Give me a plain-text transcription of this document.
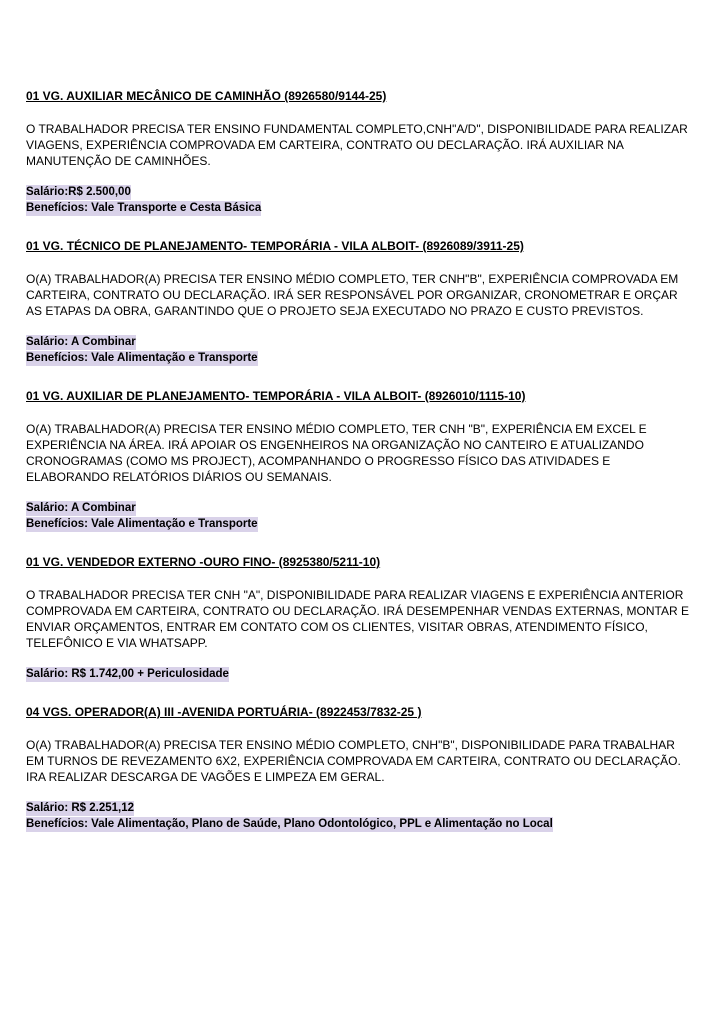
01 VG. AUXILIAR MECÂNICO DE CAMINHÃO (8926580/9144-25)
O TRABALHADOR PRECISA TER ENSINO FUNDAMENTAL COMPLETO,CNH"A/D", DISPONIBILIDADE PARA REALIZAR VIAGENS, EXPERIÊNCIA COMPROVADA EM CARTEIRA, CONTRATO OU DECLARAÇÃO. IRÁ AUXILIAR NA MANUTENÇÃO DE CAMINHÕES.
Salário:R$ 2.500,00
Benefícios: Vale Transporte e Cesta Básica
01 VG. TÉCNICO DE PLANEJAMENTO- TEMPORÁRIA - VILA ALBOIT- (8926089/3911-25)
O(A) TRABALHADOR(A) PRECISA TER ENSINO MÉDIO COMPLETO, TER CNH"B", EXPERIÊNCIA COMPROVADA EM CARTEIRA, CONTRATO OU DECLARAÇÃO. IRÁ SER RESPONSÁVEL POR ORGANIZAR, CRONOMETRAR E ORÇAR AS ETAPAS DA OBRA, GARANTINDO QUE O PROJETO SEJA EXECUTADO NO PRAZO E CUSTO PREVISTOS.
Salário: A Combinar
Benefícios: Vale Alimentação e Transporte
01 VG. AUXILIAR DE PLANEJAMENTO- TEMPORÁRIA - VILA ALBOIT- (8926010/1115-10)
O(A) TRABALHADOR(A) PRECISA TER ENSINO MÉDIO COMPLETO, TER CNH "B", EXPERIÊNCIA EM EXCEL E EXPERIÊNCIA NA ÁREA. IRÁ APOIAR OS ENGENHEIROS NA ORGANIZAÇÃO NO CANTEIRO E ATUALIZANDO CRONOGRAMAS (COMO MS PROJECT), ACOMPANHANDO O PROGRESSO FÍSICO DAS ATIVIDADES E ELABORANDO RELATÓRIOS DIÁRIOS OU SEMANAIS.
Salário: A Combinar
Benefícios: Vale Alimentação e Transporte
01 VG. VENDEDOR EXTERNO -OURO FINO- (8925380/5211-10)
O TRABALHADOR PRECISA TER CNH "A", DISPONIBILIDADE PARA REALIZAR VIAGENS E EXPERIÊNCIA ANTERIOR COMPROVADA EM CARTEIRA, CONTRATO OU DECLARAÇÃO. IRÁ DESEMPENHAR VENDAS EXTERNAS, MONTAR E ENVIAR ORÇAMENTOS, ENTRAR EM CONTATO COM OS CLIENTES, VISITAR OBRAS, ATENDIMENTO FÍSICO, TELEFÔNICO E VIA WHATSAPP.
Salário: R$ 1.742,00 + Periculosidade
04 VGS. OPERADOR(A) III -AVENIDA PORTUÁRIA- (8922453/7832-25 )
O(A) TRABALHADOR(A) PRECISA TER ENSINO MÉDIO COMPLETO, CNH"B", DISPONIBILIDADE PARA TRABALHAR EM TURNOS DE REVEZAMENTO 6X2, EXPERIÊNCIA COMPROVADA EM CARTEIRA, CONTRATO OU DECLARAÇÃO. IRA REALIZAR DESCARGA DE VAGÕES E LIMPEZA EM GERAL.
Salário: R$ 2.251,12
Benefícios: Vale Alimentação, Plano de Saúde, Plano Odontológico, PPL e Alimentação no Local
